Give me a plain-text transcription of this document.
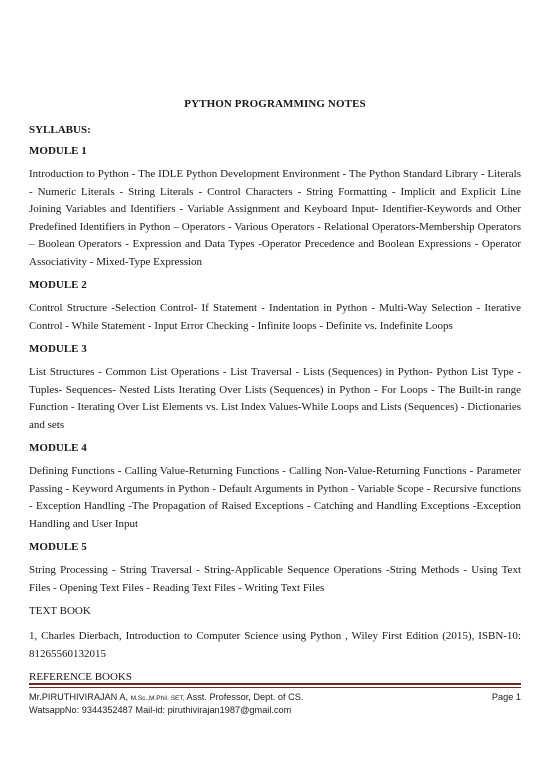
PYTHON PROGRAMMING NOTES
SYLLABUS:
MODULE 1
Introduction to Python - The IDLE Python Development Environment - The Python Standard Library - Literals - Numeric Literals - String Literals - Control Characters - String Formatting - Implicit and Explicit Line Joining Variables and Identifiers - Variable Assignment and Keyboard Input- Identifier-Keywords and Other Predefined Identifiers in Python – Operators - Various Operators - Relational Operators-Membership Operators – Boolean Operators - Expression and Data Types -Operator Precedence and Boolean Expressions - Operator Associativity - Mixed-Type Expression
MODULE 2
Control Structure -Selection Control- If Statement - Indentation in Python - Multi-Way Selection - Iterative Control - While Statement - Input Error Checking - Infinite loops - Definite vs. Indefinite Loops
MODULE 3
List Structures - Common List Operations - List Traversal - Lists (Sequences) in Python- Python List Type - Tuples- Sequences- Nested Lists Iterating Over Lists (Sequences) in Python - For Loops - The Built-in range Function - Iterating Over List Elements vs. List Index Values-While Loops and Lists (Sequences) - Dictionaries and sets
MODULE 4
Defining Functions - Calling Value-Returning Functions - Calling Non-Value-Returning Functions - Parameter Passing - Keyword Arguments in Python - Default Arguments in Python - Variable Scope - Recursive functions - Exception Handling -The Propagation of Raised Exceptions - Catching and Handling Exceptions -Exception Handling and User Input
MODULE 5
String Processing - String Traversal - String-Applicable Sequence Operations -String Methods - Using Text Files - Opening Text Files - Reading Text Files - Writing Text Files
TEXT BOOK
1, Charles Dierbach, Introduction to Computer Science using Python , Wiley First Edition (2015), ISBN-10: 81265560132015
REFERENCE BOOKS
Mr.PIRUTHIVIRAJAN A, M.Sc.,M.Phil. SET, Asst. Professor, Dept. of CS.	Page 1
WatsappNo: 9344352487 Mail-id: piruthivirajan1987@gmail.com
